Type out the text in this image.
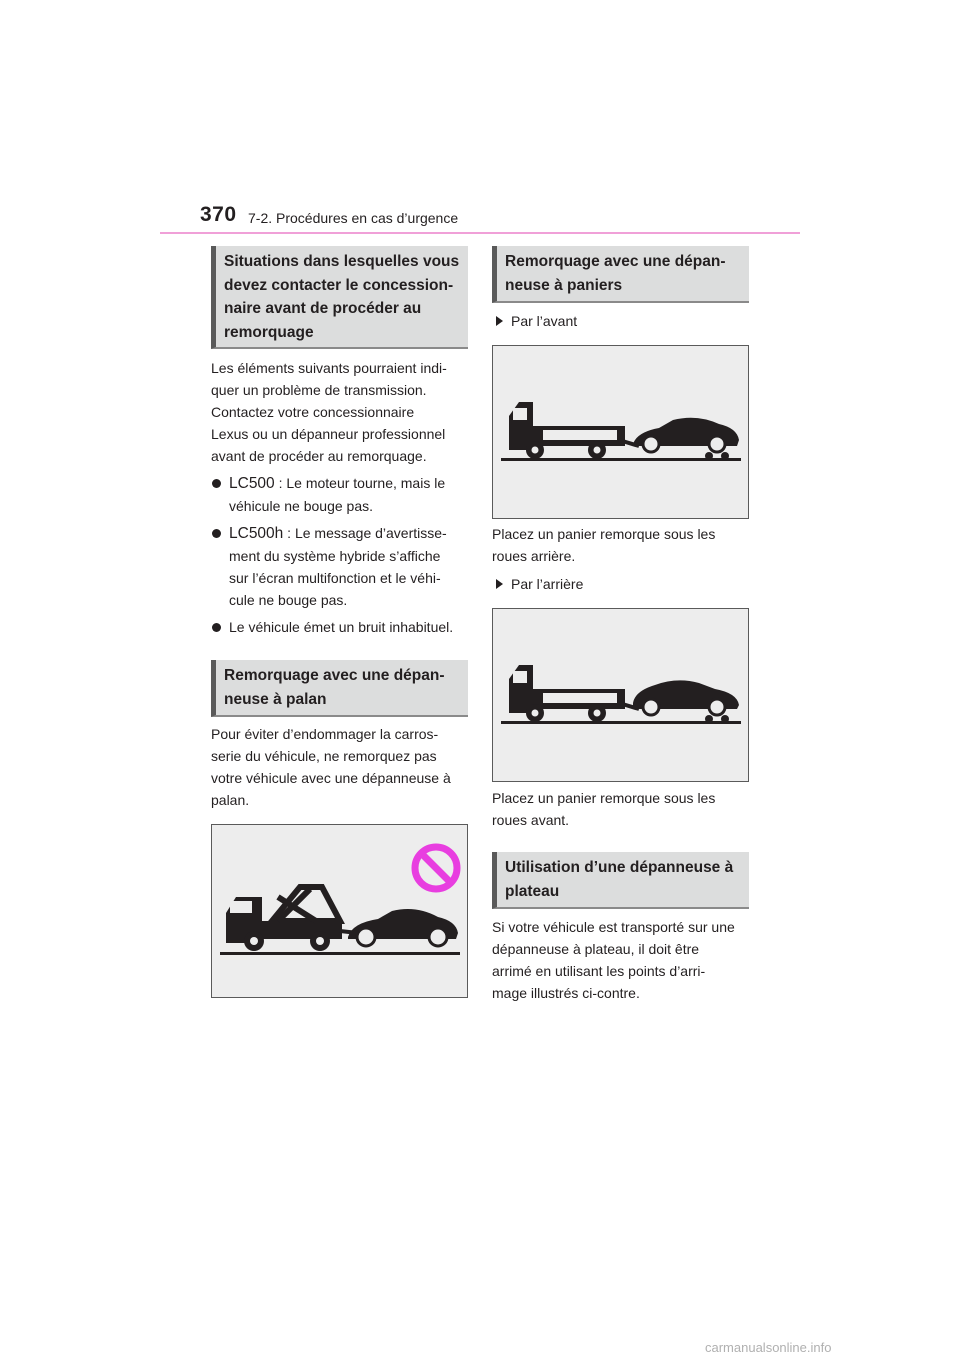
370 7-2. Procédures en cas d’urgence
Situations dans lesquelles vous
devez contacter le concession-
naire avant de procéder au
remorquage
Les éléments suivants pourraient indi-
quer un problème de transmission.
Contactez votre concessionnaire
Lexus ou un dépanneur professionnel
avant de procéder au remorquage.
LC500 : Le moteur tourne, mais le
véhicule ne bouge pas.
LC500h : Le message d’avertisse-
ment du système hybride s’affiche
sur l’écran multifonction et le véhi-
cule ne bouge pas.
Le véhicule émet un bruit inhabituel.
Remorquage avec une dépan-
neuse à palan
Pour éviter d’endommager la carros-
serie du véhicule, ne remorquez pas
votre véhicule avec une dépanneuse à
palan.
Remorquage avec une dépan-
neuse à paniers
Par l’avant
Placez un panier remorque sous les
roues arrière.
Par l’arrière
Placez un panier remorque sous les
roues avant.
Utilisation d’une dépanneuse à
plateau
Si votre véhicule est transporté sur une
dépanneuse à plateau, il doit être
arrimé en utilisant les points d’arri-
mage illustrés ci-contre.
carmanualsonline.info
